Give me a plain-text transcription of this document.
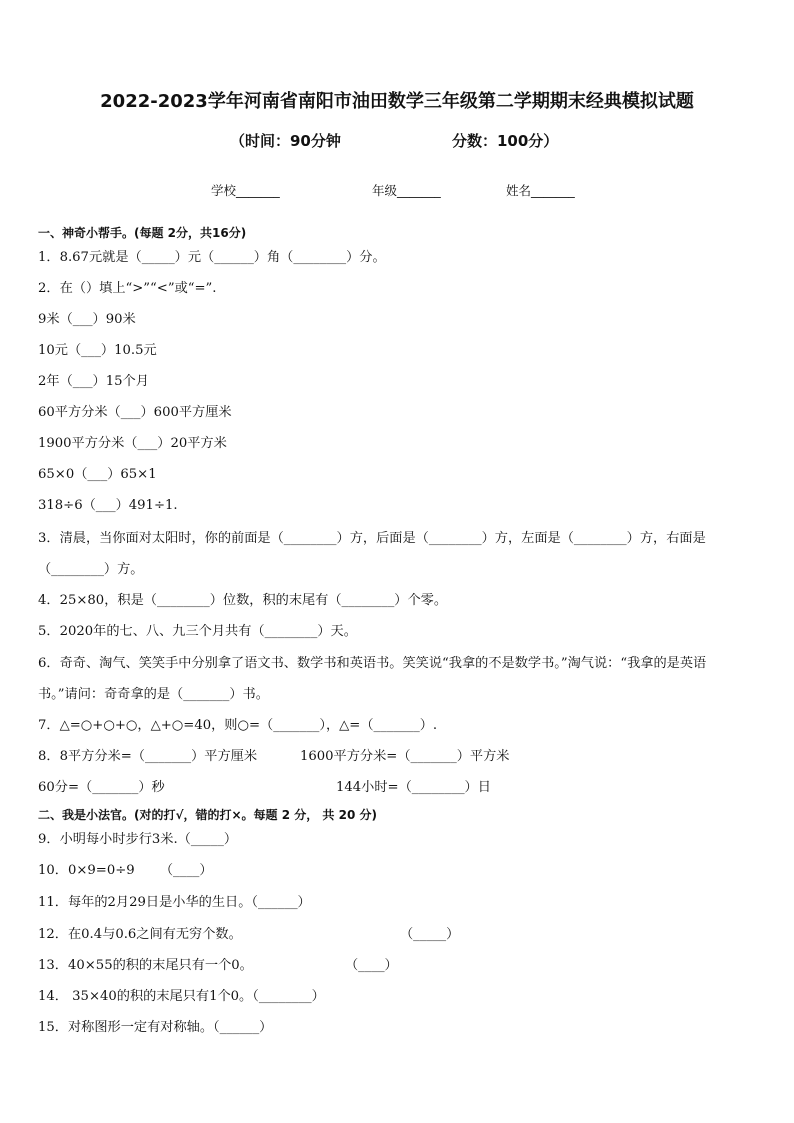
2022-2023学年河南省南阳市油田数学三年级第二学期期末经典模拟试题
（时间：90分钟	分数：100分）
学校_______	年级_______	姓名_______
一、神奇小帮手。(每题 2分，共16分)
1．8.67元就是（_____）元（______）角（________）分。
2．在（）填上“>”“<”或“=”.
9米（___）90米
10元（___）10.5元
2年（___）15个月
60平方分米（___）600平方厘米
1900平方分米（___）20平方米
65×0（___）65×1
318÷6（___）491÷1.
3．清晨，当你面对太阳时，你的前面是（________）方，后面是（________）方，左面是（________）方，右面是
（________）方。
4．25×80，积是（________）位数，积的末尾有（________）个零。
5．2020年的七、八、九三个月共有（________）天。
6．奇奇、淘气、笑笑手中分别拿了语文书、数学书和英语书。笑笑说“我拿的不是数学书。”淘气说：“我拿的是英语
书。”请问：奇奇拿的是（_______）书。
7．△=○+○+○，△+○=40，则○=（_______），△=（_______）.
8．8平方分米=（_______）平方厘米	1600平方分米=（_______）平方米
60分=（_______）秒	144小时=（________）日
二、我是小法官。(对的打√，错的打×。每题 2 分， 共 20 分)
9．小明每小时步行3米.（_____）
10．0×9=0÷9      （____）
11．每年的2月29日是小华的生日。（______）
12．在0.4与0.6之间有无穷个数。	（_____）
13．40×55的积的末尾只有一个0。	（____）
14． 35×40的积的末尾只有1个0。（________）
15．对称图形一定有对称轴。（______）
